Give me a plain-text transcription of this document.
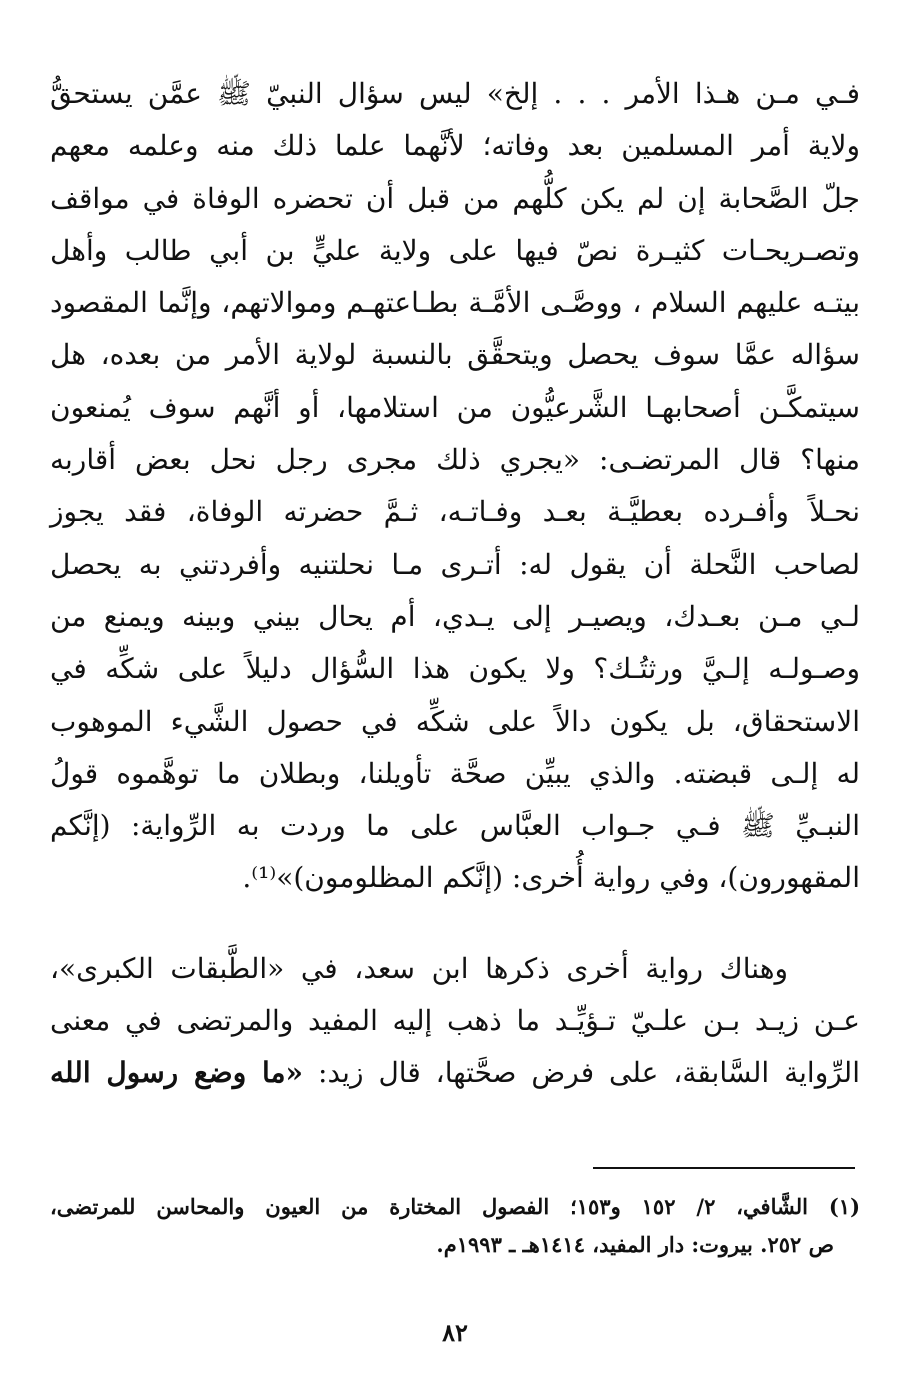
فـي مـن هـذا الأمر . . . إلخ» ليس سؤال النبيّ ﷺ عمَّن يستحقُّ
ولاية أمر المسلمين بعد وفاته؛ لأنَّهما علما ذلك منه وعلمه معهم
جلّ الصَّحابة إن لم يكن كلُّهم من قبل أن تحضره الوفاة في مواقف
وتصـريحـات كثيـرة نصّ فيها على ولاية عليٍّ بن أبي طالب وأهل
بيتـه عليهم السلام ، ووصَّـى الأمَّـة بطـاعتهـم وموالاتهم، وإنَّما المقصود
سؤاله عمَّا سوف يحصل ويتحقَّق بالنسبة لولاية الأمر من بعده، هل
سيتمكَّـن أصحابهـا الشَّرعيُّون من استلامها، أو أنَّهم سوف يُمنعون
منها؟ قال المرتضـى: «يجري ذلك مجرى رجل نحل بعض أقاربه
نحـلاً وأفـرده بعطيَّـة بعـد وفـاتـه، ثـمَّ حضرته الوفاة، فقد يجوز
لصاحب النَّحلة أن يقول له: أتـرى مـا نحلتنيه وأفردتني به يحصل
لـي مـن بعـدك، ويصيـر إلى يـدي، أم يحال بيني وبينه ويمنع من
وصـولـه إلـيَّ ورثتُـك؟ ولا يكون هذا السُّؤال دليلاً على شكِّه في
الاستحقاق، بل يكون دالاً على شكِّه في حصول الشَّيء الموهوب
له إلـى قبضته. والذي يبيِّن صحَّة تأويلنا، وبطلان ما توهَّموه قولُ
النبـيِّ ﷺ فـي جـواب العبَّاس على ما وردت به الرِّواية: (إنَّكم
المقهورون)، وفي رواية أُخرى: (إنَّكم المظلومون)»⁽¹⁾.

وهناك رواية أخرى ذكرها ابن سعد، في «الطَّبقات الكبرى»،
عـن زيـد بـن علـيّ تـؤيِّـد ما ذهب إليه المفيد والمرتضى في معنى
الرِّواية السَّابقة، على فرض صحَّتها، قال زيد: «ما وضع رسول الله

(١) الشَّافي، ٢/ ١٥٢ و١٥٣؛ الفصول المختارة من العيون والمحاسن للمرتضى،
ص ٢٥٢. بيروت: دار المفيد، ١٤١٤هـ ـ ١٩٩٣م.
٨٢
